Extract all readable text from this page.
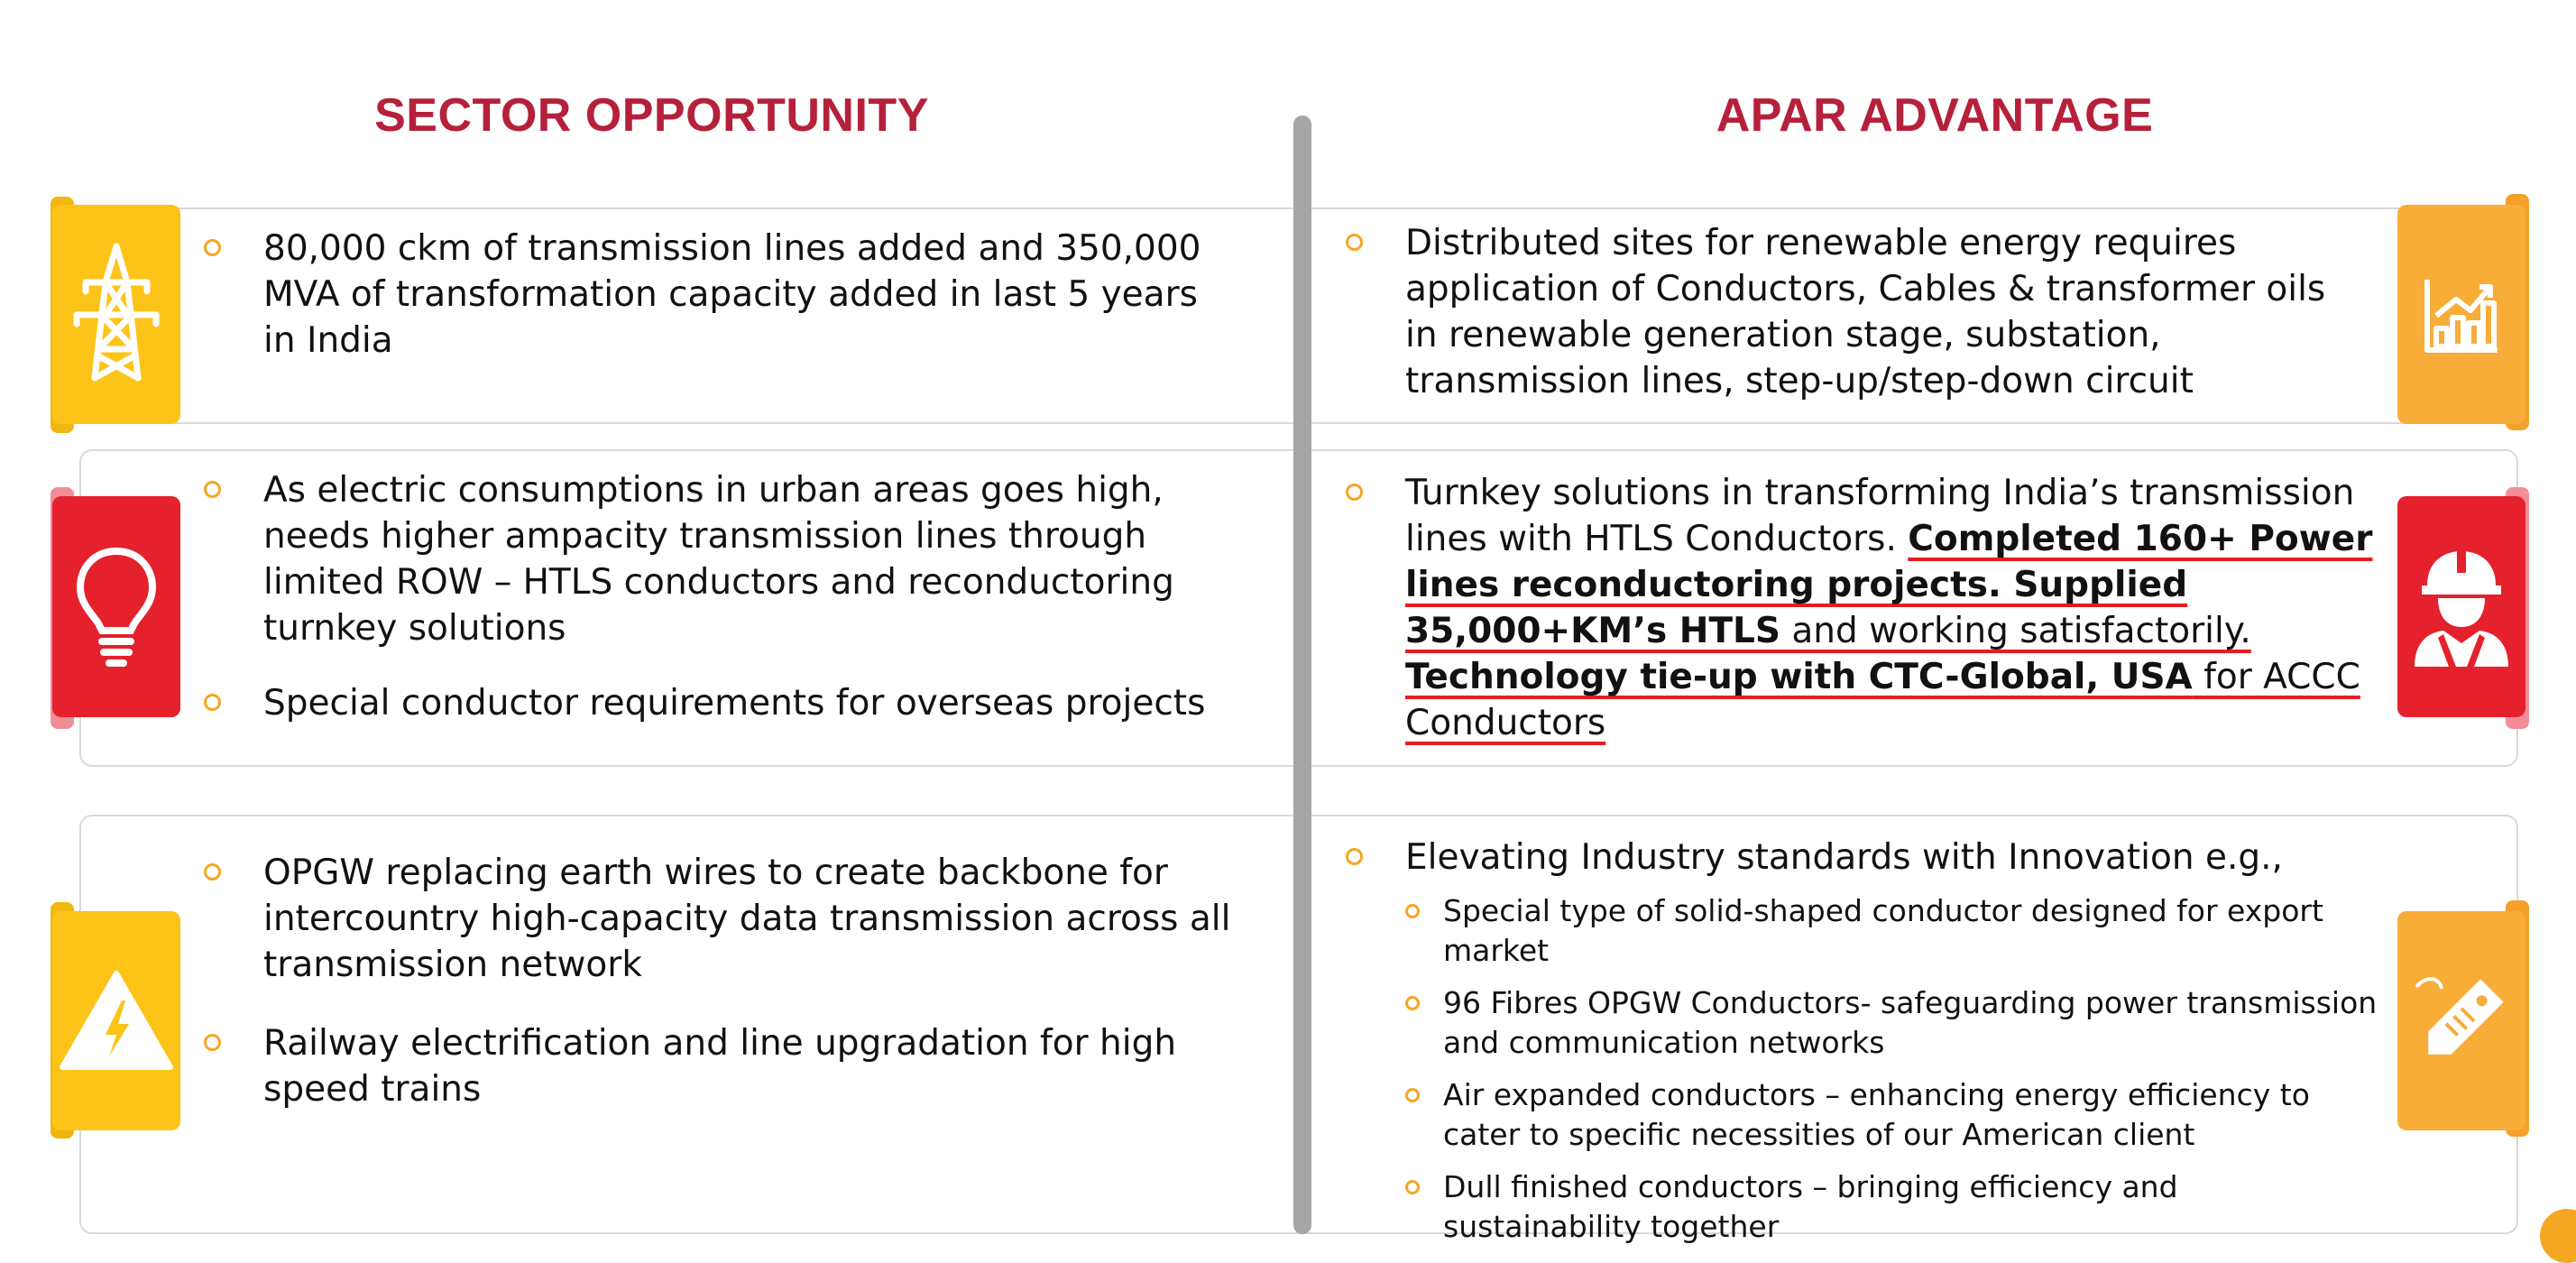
SECTOR OPPORTUNITY	APAR ADVANTAGE
80,000 ckm of transmission lines added and 350,000 MVA of transformation capacity added in last 5 years in India
As electric consumptions in urban areas goes high, needs higher ampacity transmission lines through limited ROW – HTLS conductors and reconductoring turnkey solutions
Special conductor requirements for overseas projects
OPGW replacing earth wires to create backbone for intercountry high-capacity data transmission across all transmission network
Railway electrification and line upgradation for high speed trains
Distributed sites for renewable energy requires application of Conductors, Cables & transformer oils in renewable generation stage, substation, transmission lines, step-up/step-down circuit
Turnkey solutions in transforming India’s transmission lines with HTLS Conductors. Completed 160+ Power lines reconductoring projects. Supplied 35,000+KM’s HTLS and working satisfactorily. Technology tie-up with CTC-Global, USA for ACCC Conductors
Elevating Industry standards with Innovation e.g.,
Special type of solid-shaped conductor designed for export market
96 Fibres OPGW Conductors- safeguarding power transmission and communication networks
Air expanded conductors – enhancing energy efficiency to cater to specific necessities of our American client
Dull finished conductors – bringing efficiency and sustainability together
